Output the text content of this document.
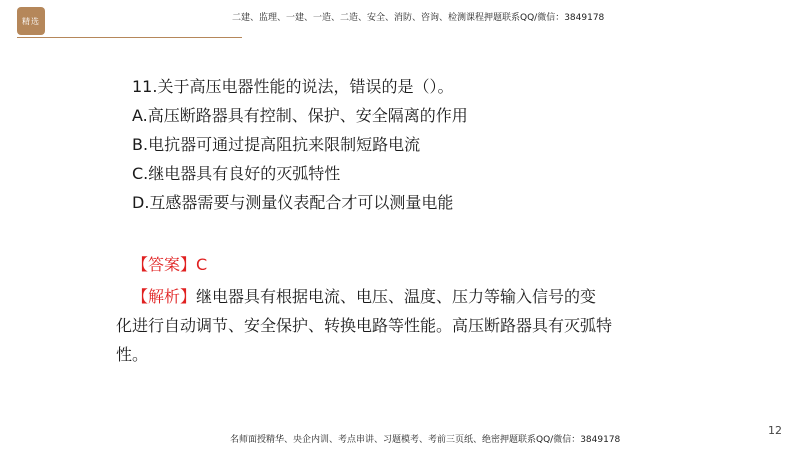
精选	二建、监理、一建、一造、二造、安全、消防、咨询、检测课程押题联系QQ/微信：3849178
11.关于高压电器性能的说法，错误的是（）。
A.高压断路器具有控制、保护、安全隔离的作用
B.电抗器可通过提高阻抗来限制短路电流
C.继电器具有良好的灭弧特性
D.互感器需要与测量仪表配合才可以测量电能
【答案】C
【解析】继电器具有根据电流、电压、温度、压力等输入信号的变
化进行自动调节、安全保护、转换电路等性能。高压断路器具有灭弧特
性。
12
名师面授精华、央企内训、考点串讲、习题模考、考前三页纸、绝密押题联系QQ/微信：3849178
